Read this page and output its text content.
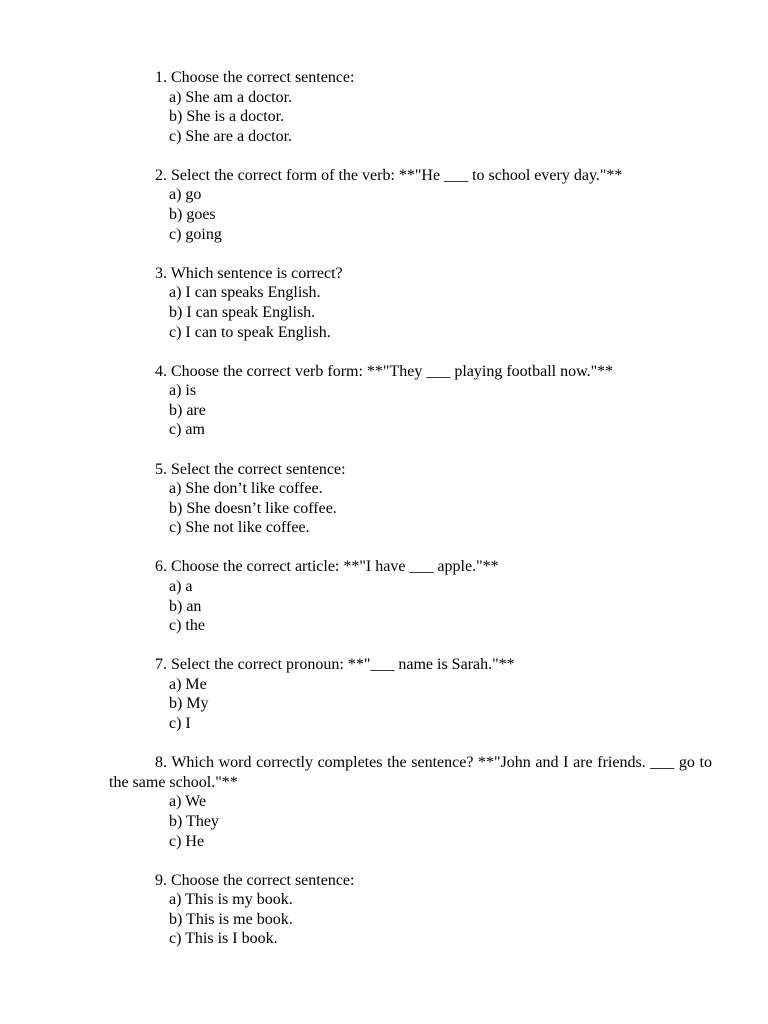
1. Choose the correct sentence:

a) She am a doctor.
b) She is a doctor.
c) She are a doctor.

2. Select the correct form of the verb: **"He ___ to school every day."**

a) go
b) goes
c) going

3. Which sentence is correct?

a) I can speaks English.
b) I can speak English.
c) I can to speak English.

4. Choose the correct verb form: **"They ___ playing football now."**

a) is
b) are
c) am

5. Select the correct sentence:

a) She don’t like coffee.
b) She doesn’t like coffee.
c) She not like coffee.

6. Choose the correct article: **"I have ___ apple."**

a) a
b) an
c) the

7. Select the correct pronoun: **"___ name is Sarah."**

a) Me
b) My
c) I

8. Which word correctly completes the sentence? **"John and I are friends. ___ go to the same school."**

a) We
b) They
c) He

9. Choose the correct sentence:

a) This is my book.
b) This is me book.
c) This is I book.
